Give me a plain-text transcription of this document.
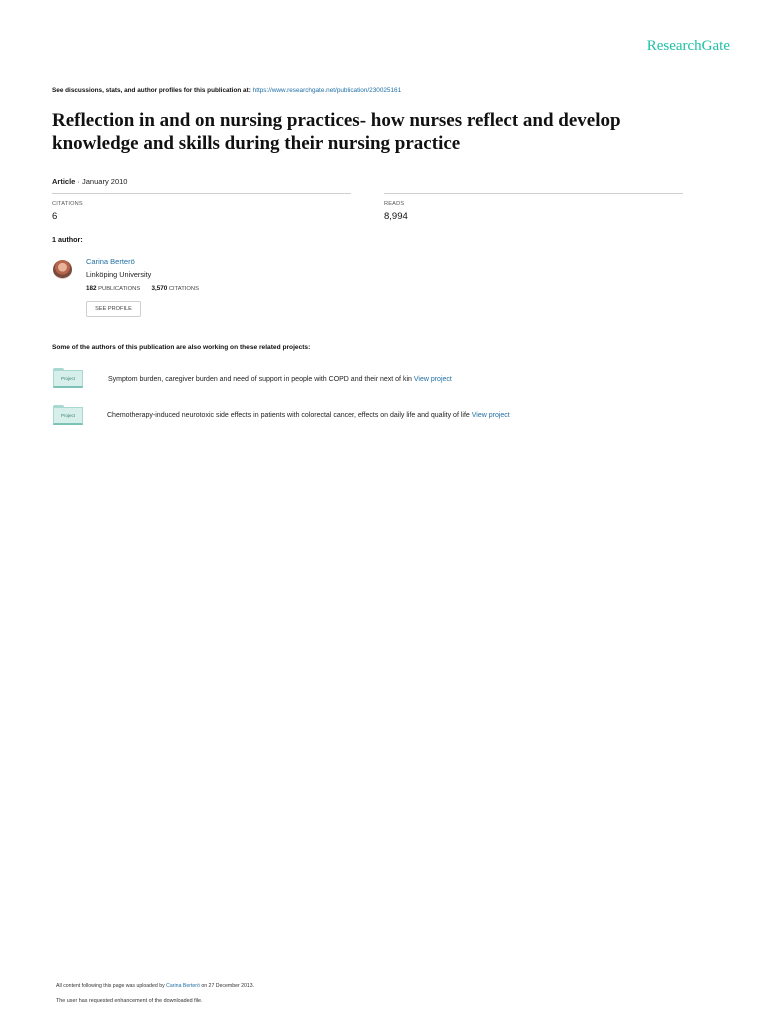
ResearchGate
See discussions, stats, and author profiles for this publication at: https://www.researchgate.net/publication/230025161
Reflection in and on nursing practices- how nurses reflect and develop knowledge and skills during their nursing practice
Article · January 2010
CITATIONS
6
READS
8,994
1 author:
Carina Berterö
Linköping University
182 PUBLICATIONS 3,570 CITATIONS
SEE PROFILE
Some of the authors of this publication are also working on these related projects:
Project	Symptom burden, caregiver burden and need of support in people with COPD and their next of kin View project
Project	Chemotherapy-induced neurotoxic side effects in patients with colorectal cancer, effects on daily life and quality of life View project
All content following this page was uploaded by Carina Berterö on 27 December 2013.
The user has requested enhancement of the downloaded file.
